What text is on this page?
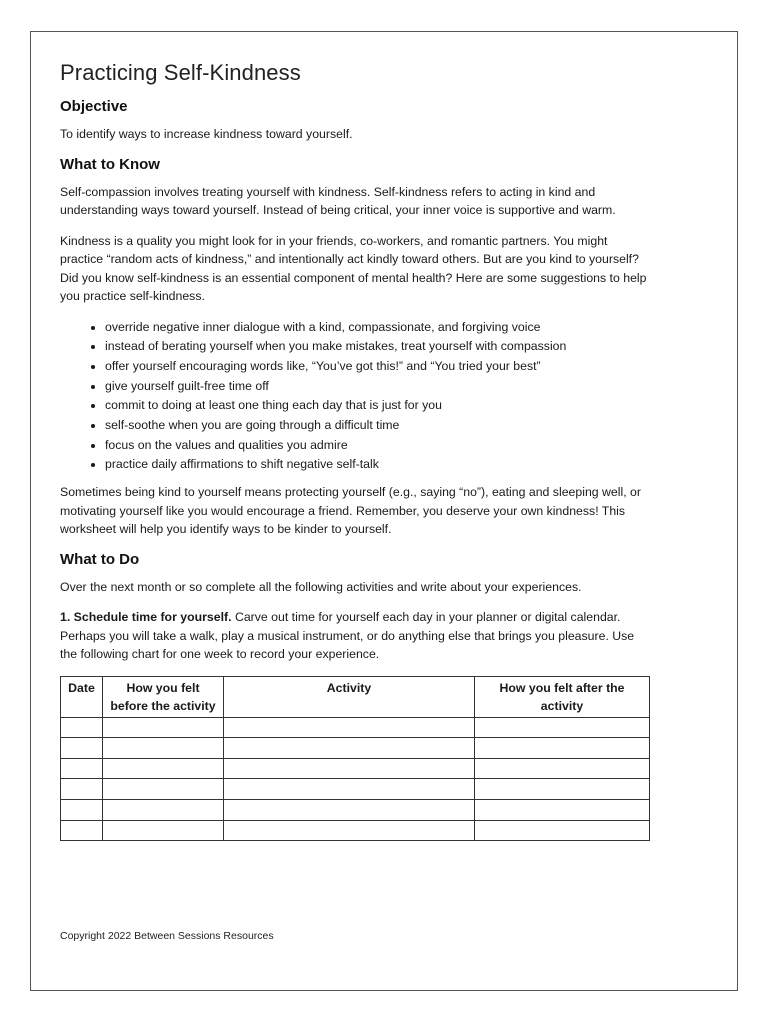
Practicing Self-Kindness
Objective

To identify ways to increase kindness toward yourself.

What to Know

Self-compassion involves treating yourself with kindness. Self-kindness refers to acting in kind and understanding ways toward yourself. Instead of being critical, your inner voice is supportive and warm.

Kindness is a quality you might look for in your friends, co-workers, and romantic partners. You might practice “random acts of kindness,” and intentionally act kindly toward others. But are you kind to yourself? Did you know self-kindness is an essential component of mental health? Here are some suggestions to help you practice self-kindness.

• override negative inner dialogue with a kind, compassionate, and forgiving voice
• instead of berating yourself when you make mistakes, treat yourself with compassion
• offer yourself encouraging words like, “You’ve got this!” and “You tried your best”
• give yourself guilt-free time off
• commit to doing at least one thing each day that is just for you
• self-soothe when you are going through a difficult time
• focus on the values and qualities you admire
• practice daily affirmations to shift negative self-talk

Sometimes being kind to yourself means protecting yourself (e.g., saying “no”), eating and sleeping well, or motivating yourself like you would encourage a friend. Remember, you deserve your own kindness! This worksheet will help you identify ways to be kinder to yourself.

What to Do

Over the next month or so complete all the following activities and write about your experiences.

1. Schedule time for yourself. Carve out time for yourself each day in your planner or digital calendar. Perhaps you will take a walk, play a musical instrument, or do anything else that brings you pleasure. Use the following chart for one week to record your experience.

Date	How you felt before the activity	Activity	How you felt after the activity

Copyright 2022 Between Sessions Resources
